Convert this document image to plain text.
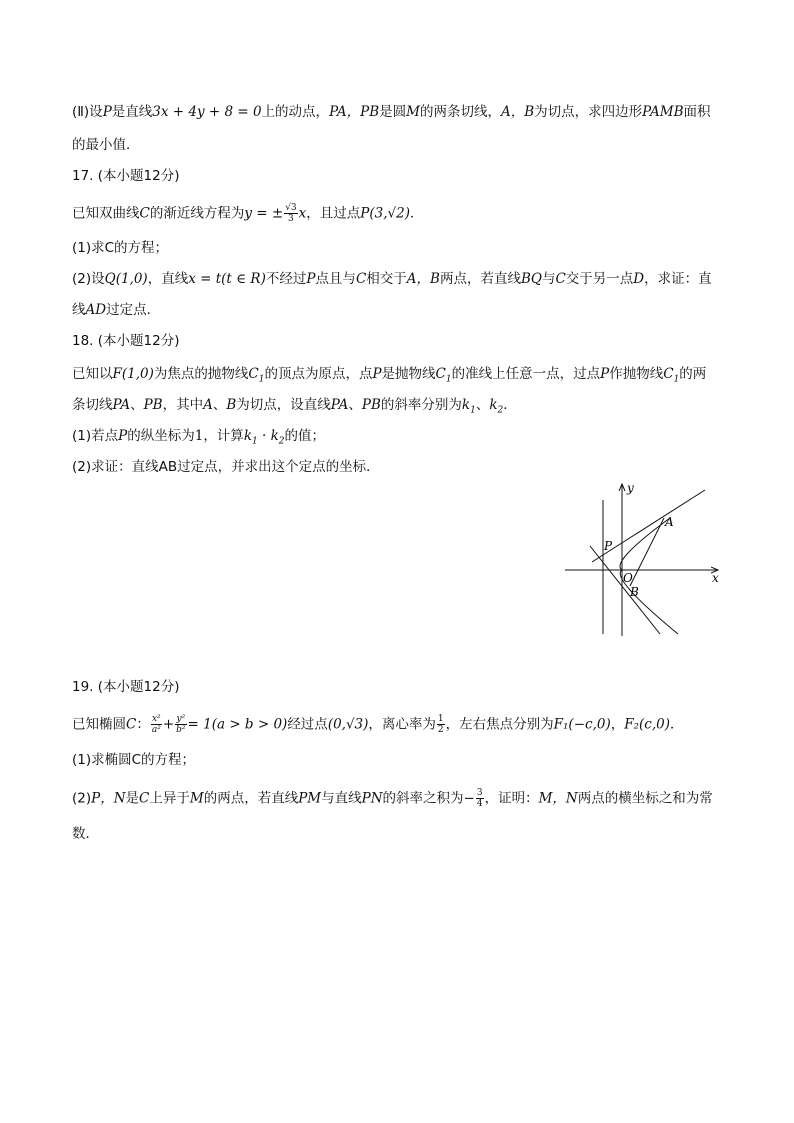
(Ⅱ)设P是直线3x + 4y + 8 = 0上的动点，PA，PB是圆M的两条切线，A，B为切点，求四边形PAMB面积
的最小值．
17. (本小题12分)
已知双曲线C的渐近线方程为y = ± $\frac{√3}{3}$ x，且过点P(3,√2)．
(1)求C的方程；
(2)设Q(1,0)，直线x = t(t ∈ R)不经过P点且与C相交于A，B两点，若直线BQ与C交于另一点D，求证：直
线AD过定点．
18. (本小题12分)
已知以F(1,0)为焦点的抛物线$C_1$的顶点为原点，点P是抛物线$C_1$的准线上任意一点，过点P作抛物线$C_1$的两
条切线PA、PB，其中A、B为切点，设直线PA、PB的斜率分别为$k_1$、$k_2$．
(1)若点P的纵坐标为1，计算$k_1 \cdot k_2$的值；
(2)求证：直线AB过定点，并求出这个定点的坐标．
y
x
A
B
P
O
19. (本小题12分)
已知椭圆C： $\frac{\text{x²}}{\text{a²}} + \frac{\text{y²}}{\text{b²}} = 1(a > b > 0)$经过点(0,√3)，离心率为 $\frac{1}{2}$ ，左右焦点分别为F₁(−c,0)，F₂(c,0)．
(1)求椭圆C的方程；
(2)P，N是C上异于M的两点，若直线PM与直线PN的斜率之积为− $\frac{3}{4}$ ，证明：M，N两点的横坐标之和为常
数．
